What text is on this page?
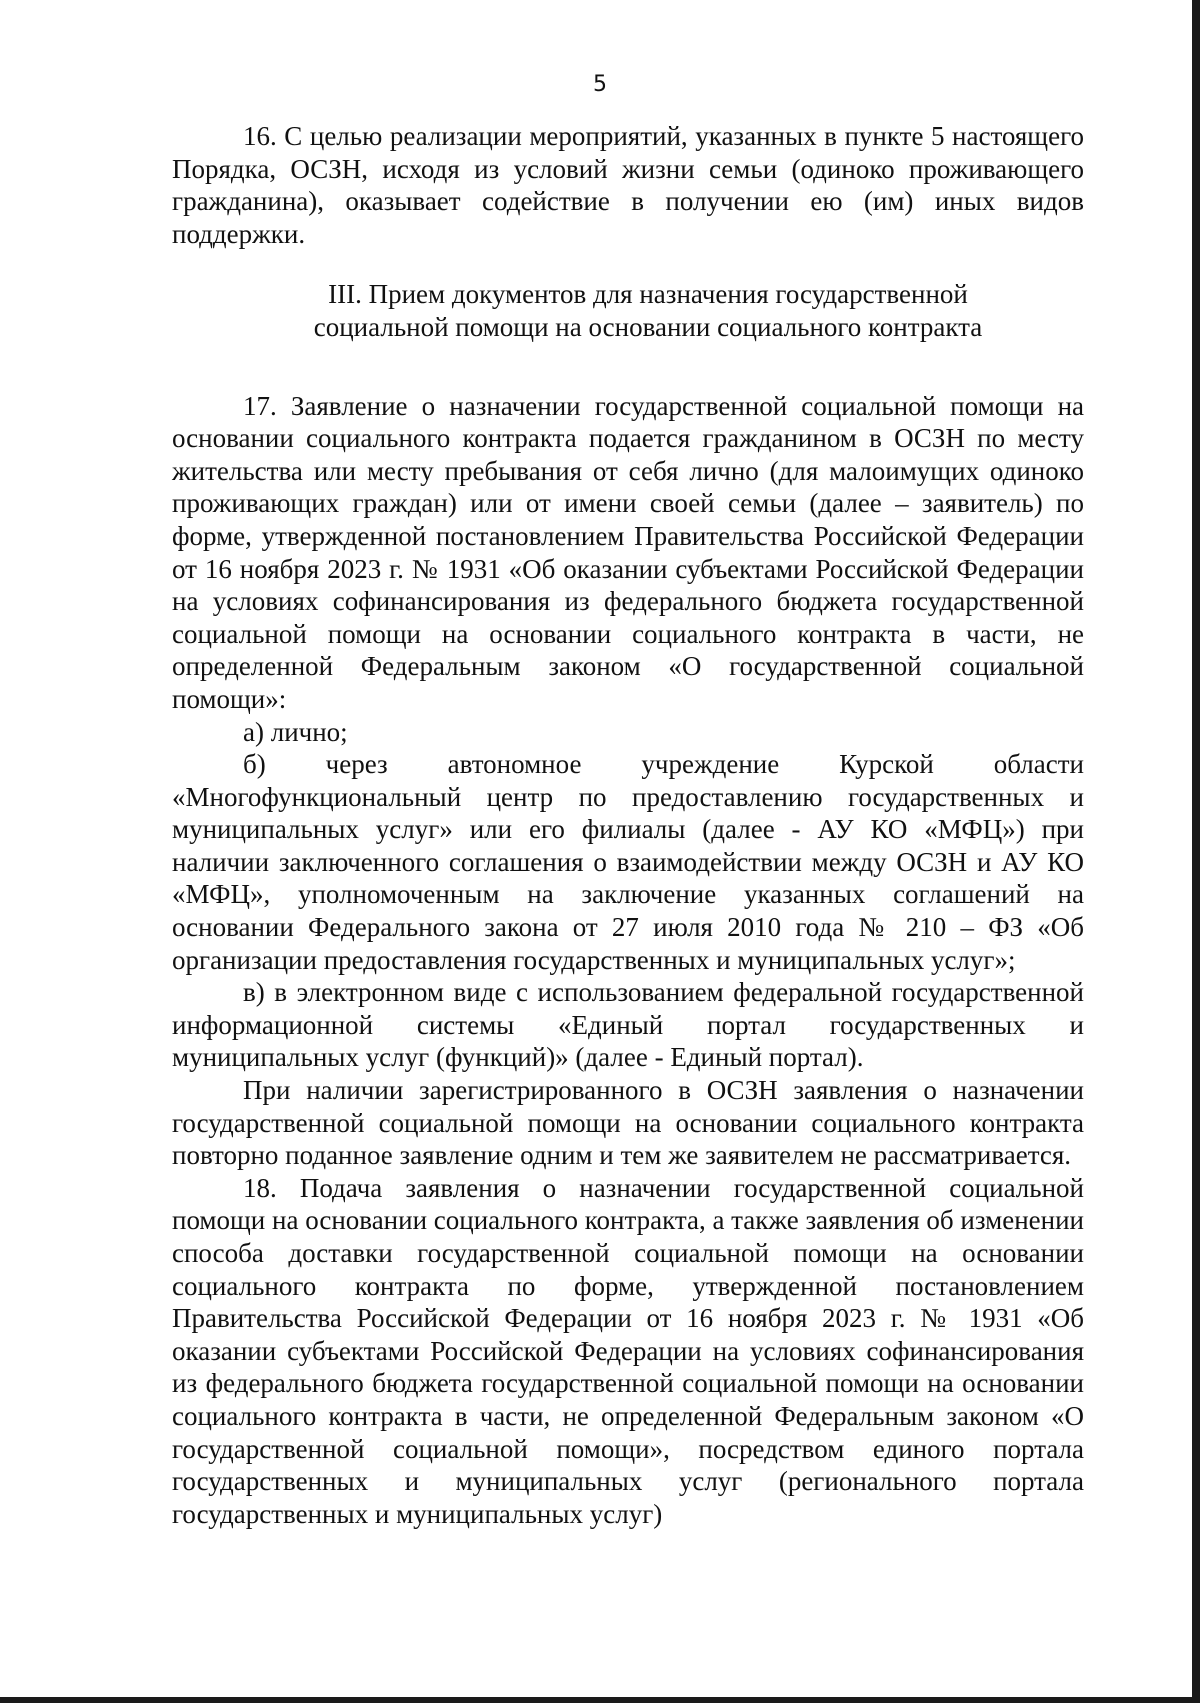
5

16. С целью реализации мероприятий, указанных в пункте 5 настоящего Порядка, ОСЗН, исходя из условий жизни семьи (одиноко проживающего гражданина), оказывает содействие в получении ею (им) иных видов поддержки.

III. Прием документов для назначения государственной

социальной помощи на основании социального контракта

17. Заявление о назначении государственной социальной помощи на основании социального контракта подается гражданином в ОСЗН по месту жительства или месту пребывания от себя лично (для малоимущих одиноко проживающих граждан) или от имени своей семьи (далее – заявитель) по форме, утвержденной постановлением Правительства Российской Федерации от 16 ноября 2023 г. № 1931 «Об оказании субъектами Российской Федерации на условиях софинансирования из федерального бюджета государственной социальной помощи на основании социального контракта в части, не определенной Федеральным законом «О государственной социальной помощи»:

а) лично;

б) через автономное учреждение Курской области «Многофункциональный центр по предоставлению государственных и муниципальных услуг» или его филиалы (далее - АУ КО «МФЦ») при наличии заключенного соглашения о взаимодействии между ОСЗН и АУ КО «МФЦ», уполномоченным на заключение указанных соглашений на основании Федерального закона от 27 июля 2010 года № 210 – ФЗ «Об организации предоставления государственных и муниципальных услуг»;

в) в электронном виде с использованием федеральной государственной информационной системы «Единый портал государственных и муниципальных услуг (функций)» (далее - Единый портал).

При наличии зарегистрированного в ОСЗН заявления о назначении государственной социальной помощи на основании социального контракта повторно поданное заявление одним и тем же заявителем не рассматривается.

18. Подача заявления о назначении государственной социальной помощи на основании социального контракта, а также заявления об изменении способа доставки государственной социальной помощи на основании социального контракта по форме, утвержденной постановлением Правительства Российской Федерации от 16 ноября 2023 г. № 1931 «Об оказании субъектами Российской Федерации на условиях софинансирования из федерального бюджета государственной социальной помощи на основании социального контракта в части, не определенной Федеральным законом «О государственной социальной помощи», посредством единого портала государственных и муниципальных услуг (регионального портала государственных и муниципальных услуг)
